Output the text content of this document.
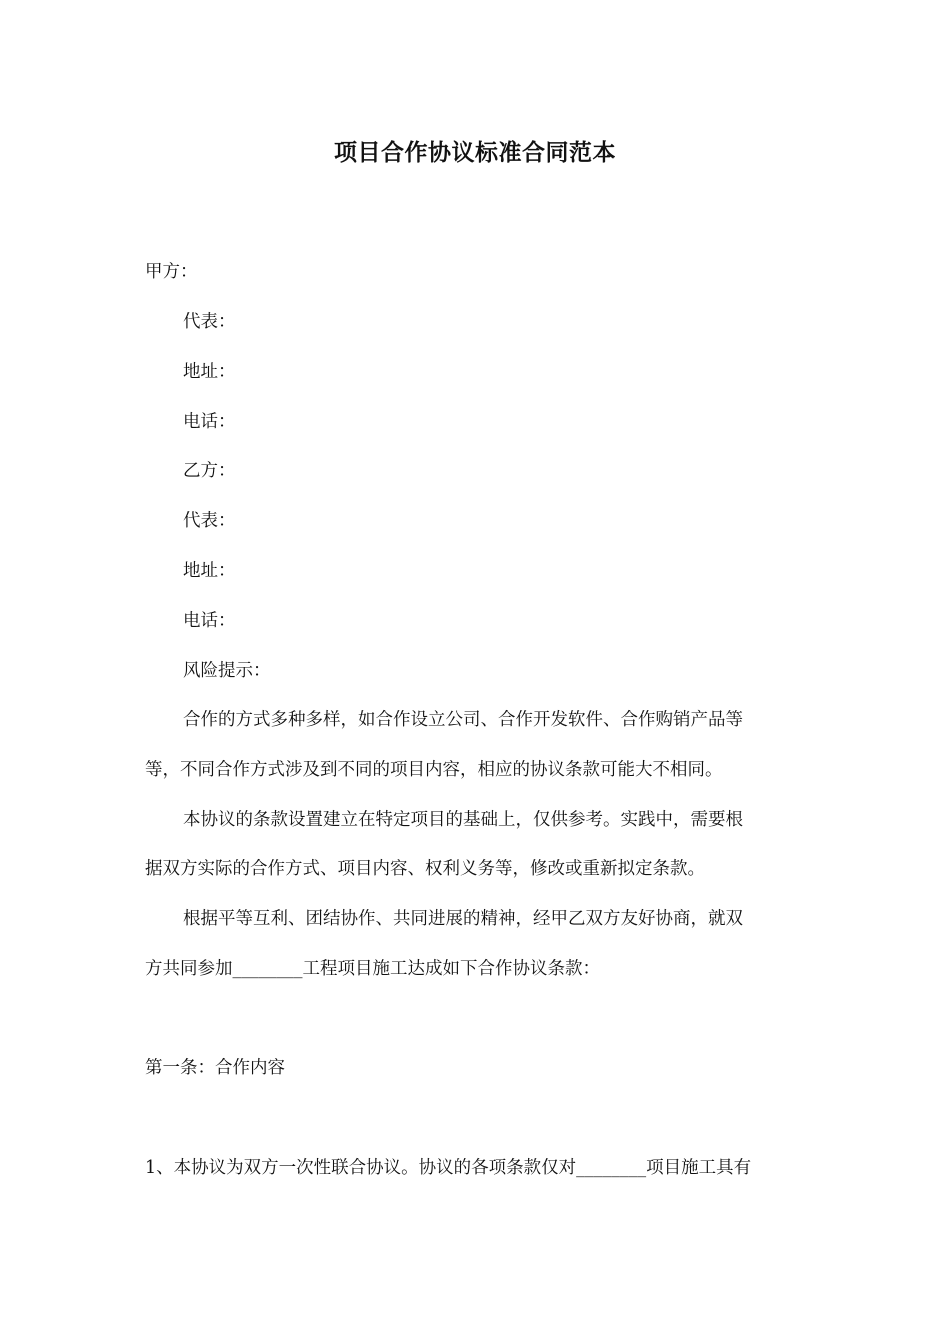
项目合作协议标准合同范本
甲方：
代表：
地址：
电话：
乙方：
代表：
地址：
电话：
风险提示：
合作的方式多种多样，如合作设立公司、合作开发软件、合作购销产品等
等，不同合作方式涉及到不同的项目内容，相应的协议条款可能大不相同。
本协议的条款设置建立在特定项目的基础上，仅供参考。实践中，需要根
据双方实际的合作方式、项目内容、权利义务等，修改或重新拟定条款。
根据平等互利、团结协作、共同进展的精神，经甲乙双方友好协商，就双
方共同参加________工程项目施工达成如下合作协议条款：
第一条：合作内容
1、本协议为双方一次性联合协议。协议的各项条款仅对________项目施工具有
